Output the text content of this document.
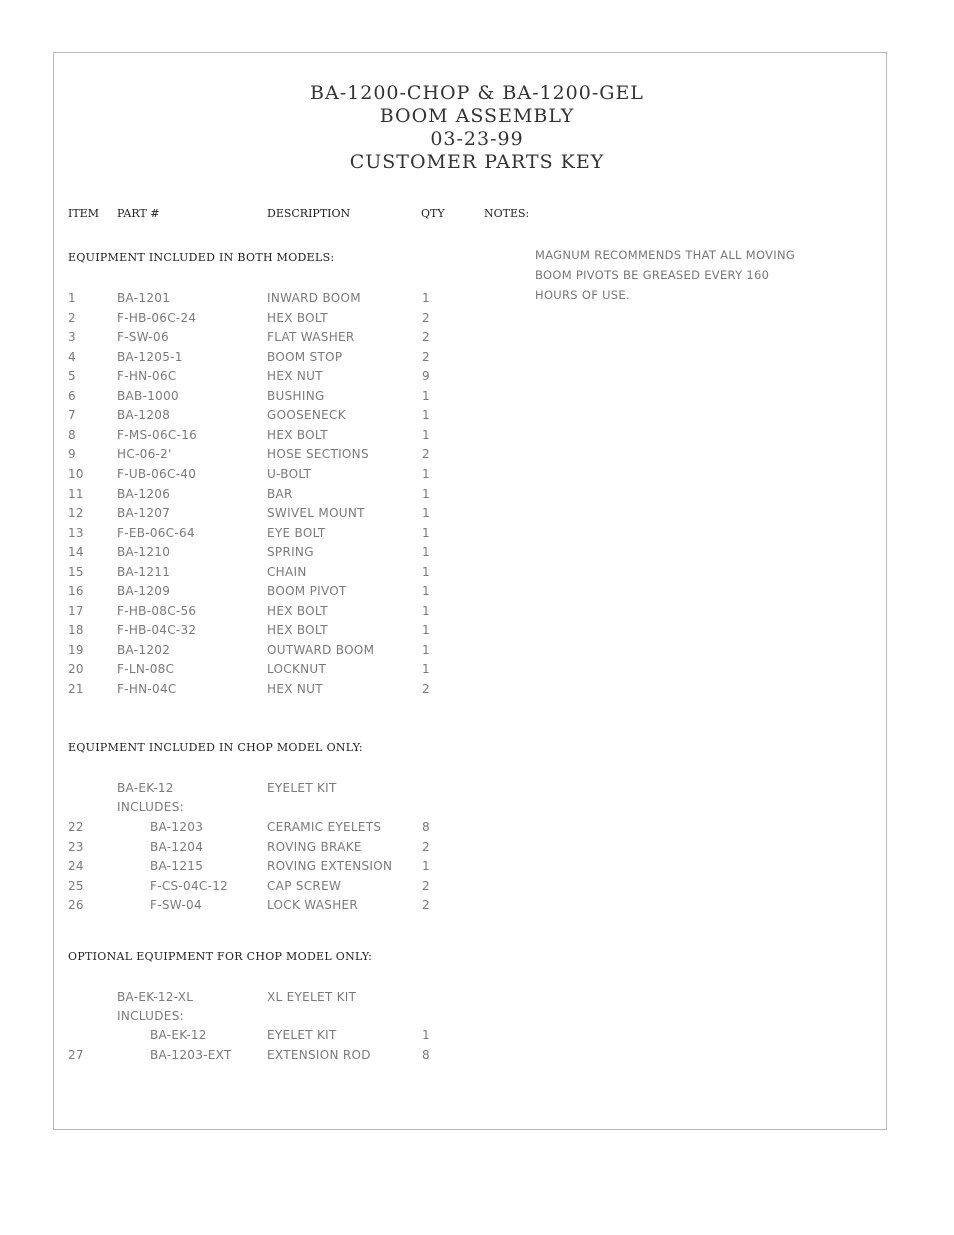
BA-1200-CHOP & BA-1200-GEL
BOOM ASSEMBLY
03-23-99
CUSTOMER PARTS KEY
ITEM PART #	DESCRIPTION	QTY	NOTES:
EQUIPMENT INCLUDED IN BOTH MODELS:	MAGNUM RECOMMENDS THAT ALL MOVING
BOOM PIVOTS BE GREASED EVERY 160
HOURS OF USE.
1	BA-1201	INWARD BOOM	1
2	F-HB-06C-24	HEX BOLT	2
3	F-SW-06	FLAT WASHER	2
4	BA-1205-1	BOOM STOP	2
5	F-HN-06C	HEX NUT	9
6	BAB-1000	BUSHING	1
7	BA-1208	GOOSENECK	1
8	F-MS-06C-16	HEX BOLT	1
9	HC-06-2'	HOSE SECTIONS	2
10	F-UB-06C-40	U-BOLT	1
11	BA-1206	BAR	1
12	BA-1207	SWIVEL MOUNT	1
13	F-EB-06C-64	EYE BOLT	1
14	BA-1210	SPRING	1
15	BA-1211	CHAIN	1
16	BA-1209	BOOM PIVOT	1
17	F-HB-08C-56	HEX BOLT	1
18	F-HB-04C-32	HEX BOLT	1
19	BA-1202	OUTWARD BOOM	1
20	F-LN-08C	LOCKNUT	1
21	F-HN-04C	HEX NUT	2
EQUIPMENT INCLUDED IN CHOP MODEL ONLY:
BA-EK-12	EYELET KIT
INCLUDES:
22	BA-1203	CERAMIC EYELETS	8
23	BA-1204	ROVING BRAKE	2
24	BA-1215	ROVING EXTENSION 1
25	F-CS-04C-12	CAP SCREW	2
26	F-SW-04	LOCK WASHER	2
OPTIONAL EQUIPMENT FOR CHOP MODEL ONLY:
BA-EK-12-XL	XL EYELET KIT
INCLUDES:
BA-EK-12	EYELET KIT	1
27	BA-1203-EXT	EXTENSION ROD	8
